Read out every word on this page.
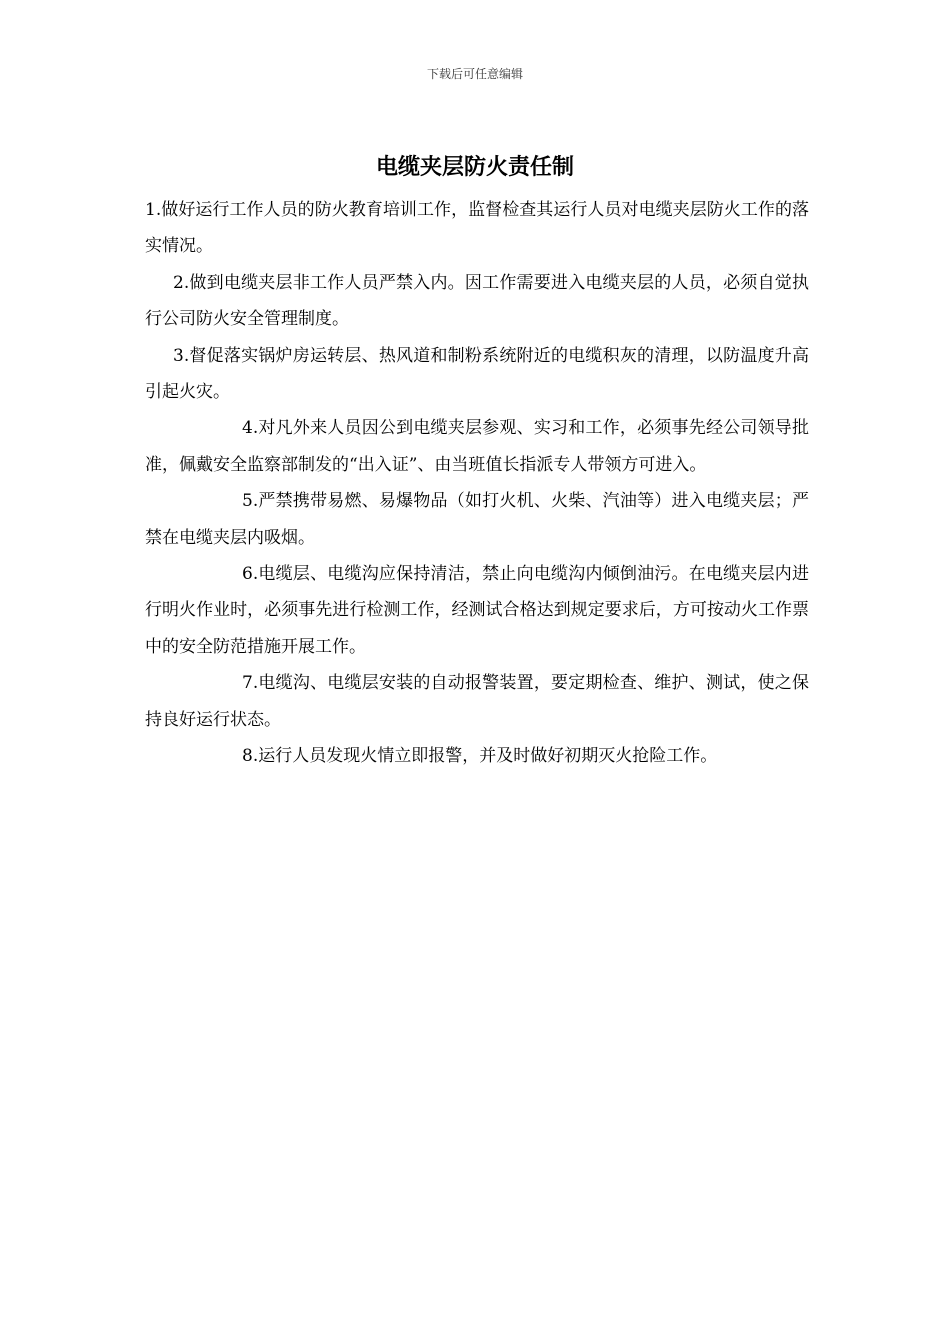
下载后可任意编辑
电缆夹层防火责任制

1.做好运行工作人员的防火教育培训工作，监督检查其运行人员对电缆夹层防火工作的落实情况。

2.做到电缆夹层非工作人员严禁入内。因工作需要进入电缆夹层的人员，必须自觉执行公司防火安全管理制度。

3.督促落实锅炉房运转层、热风道和制粉系统附近的电缆积灰的清理，以防温度升高引起火灾。

4.对凡外来人员因公到电缆夹层参观、实习和工作，必须事先经公司领导批准，佩戴安全监察部制发的“出入证”、由当班值长指派专人带领方可进入。

5.严禁携带易燃、易爆物品（如打火机、火柴、汽油等）进入电缆夹层；严禁在电缆夹层内吸烟。

6.电缆层、电缆沟应保持清洁，禁止向电缆沟内倾倒油污。在电缆夹层内进行明火作业时，必须事先进行检测工作，经测试合格达到规定要求后，方可按动火工作票中的安全防范措施开展工作。

7.电缆沟、电缆层安装的自动报警装置，要定期检查、维护、测试，使之保持良好运行状态。

8.运行人员发现火情立即报警，并及时做好初期灭火抢险工作。
